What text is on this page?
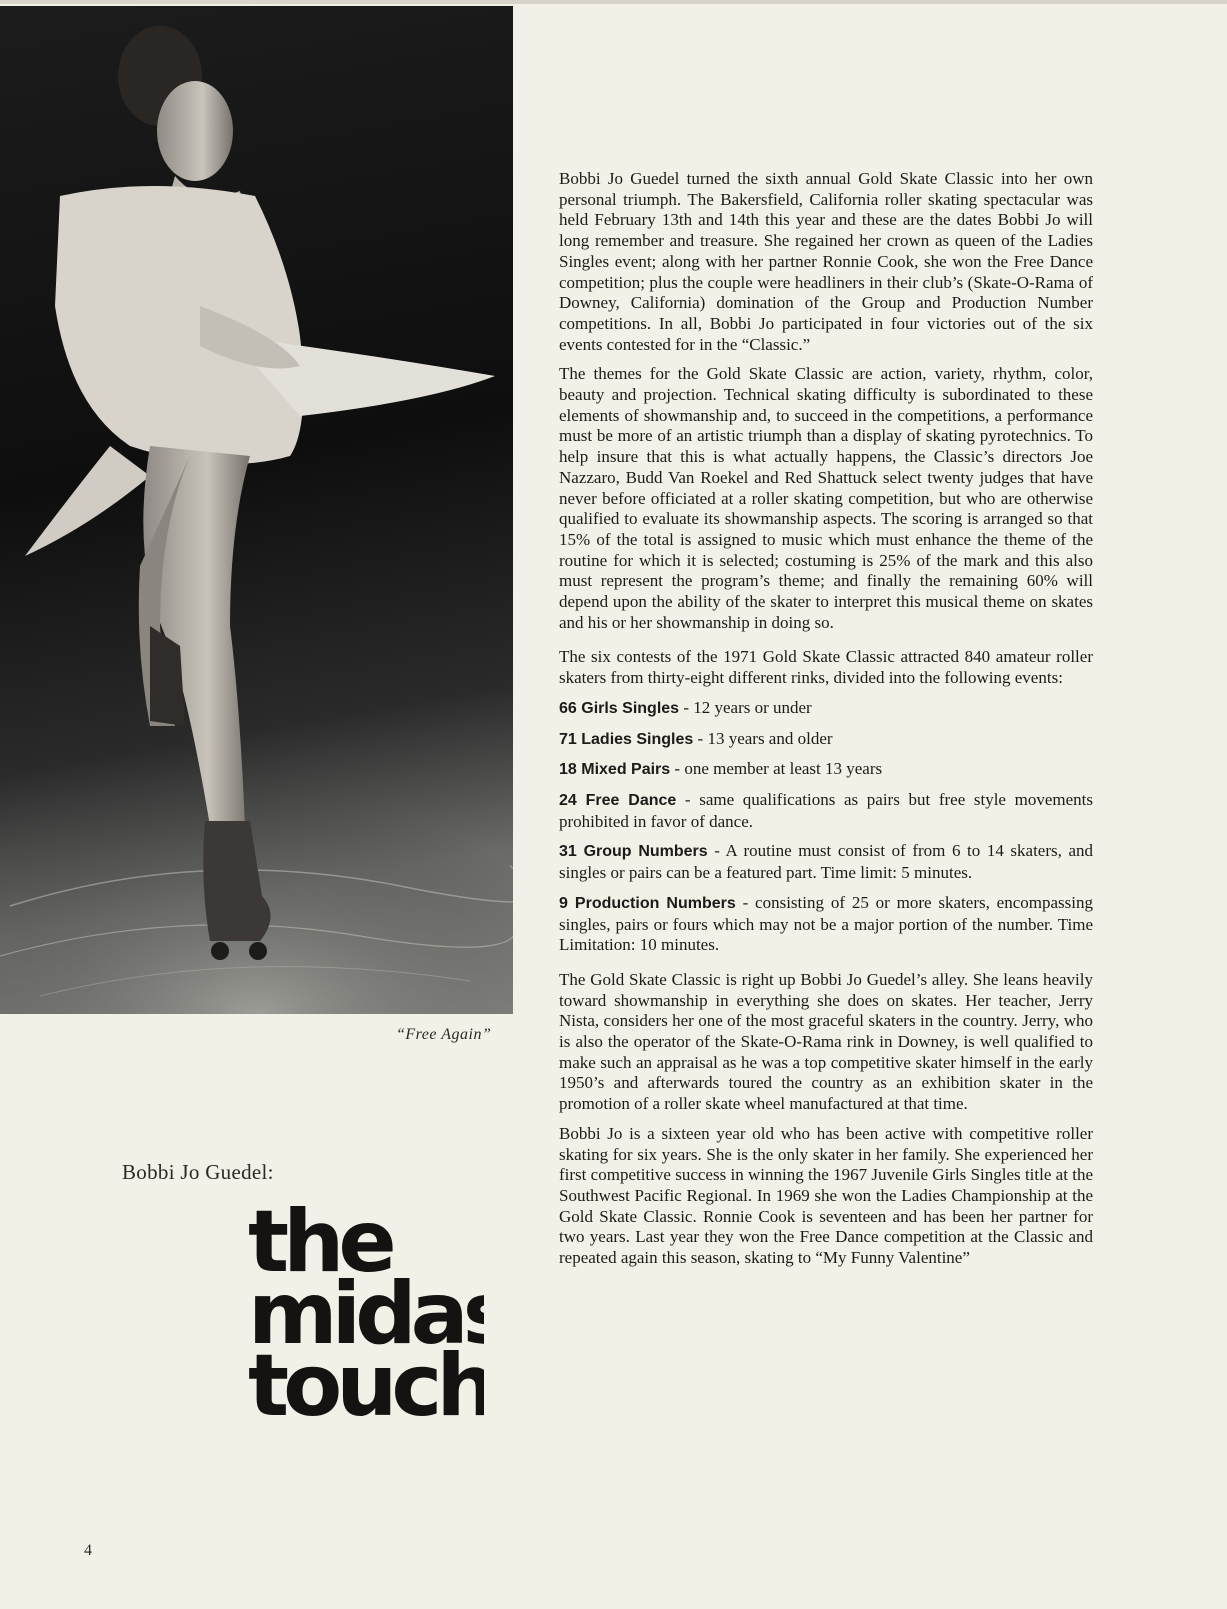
“Free Again”
Bobbi Jo Guedel:
the
midas
touch

Bobbi Jo Guedel turned the sixth annual Gold Skate Classic into her own personal triumph. The Bakersfield, California roller skating spectacular was held February 13th and 14th this year and these are the dates Bobbi Jo will long remember and treasure. She regained her crown as queen of the Ladies Singles event; along with her partner Ronnie Cook, she won the Free Dance competition; plus the couple were headliners in their club’s (Skate-O-Rama of Downey, California) domination of the Group and Production Number competitions. In all, Bobbi Jo participated in four victories out of the six events contested for in the “Classic.”

The themes for the Gold Skate Classic are action, variety, rhythm, color, beauty and projection. Technical skating difficulty is subordinated to these elements of showmanship and, to succeed in the competitions, a performance must be more of an artistic triumph than a display of skating pyrotechnics. To help insure that this is what actually happens, the Classic’s directors Joe Nazzaro, Budd Van Roekel and Red Shattuck select twenty judges that have never before officiated at a roller skating competition, but who are otherwise qualified to evaluate its showmanship aspects. The scoring is arranged so that 15% of the total is assigned to music which must enhance the theme of the routine for which it is selected; costuming is 25% of the mark and this also must represent the program’s theme; and finally the remaining 60% will depend upon the ability of the skater to interpret this musical theme on skates and his or her showmanship in doing so.

The six contests of the 1971 Gold Skate Classic attracted 840 amateur roller skaters from thirty-eight different rinks, divided into the following events:

66 Girls Singles - 12 years or under
71 Ladies Singles - 13 years and older
18 Mixed Pairs - one member at least 13 years
24 Free Dance - same qualifications as pairs but free style movements prohibited in favor of dance.
31 Group Numbers - A routine must consist of from 6 to 14 skaters, and singles or pairs can be a featured part. Time limit: 5 minutes.
9 Production Numbers - consisting of 25 or more skaters, encompassing singles, pairs or fours which may not be a major portion of the number. Time Limitation: 10 minutes.

The Gold Skate Classic is right up Bobbi Jo Guedel’s alley. She leans heavily toward showmanship in everything she does on skates. Her teacher, Jerry Nista, considers her one of the most graceful skaters in the country. Jerry, who is also the operator of the Skate-O-Rama rink in Downey, is well qualified to make such an appraisal as he was a top competitive skater himself in the early 1950’s and afterwards toured the country as an exhibition skater in the promotion of a roller skate wheel manufactured at that time.

Bobbi Jo is a sixteen year old who has been active with competitive roller skating for six years. She is the only skater in her family. She experienced her first competitive success in winning the 1967 Juvenile Girls Singles title at the Southwest Pacific Regional. In 1969 she won the Ladies Championship at the Gold Skate Classic. Ronnie Cook is seventeen and has been her partner for two years. Last year they won the Free Dance competition at the Classic and repeated again this season, skating to “My Funny Valentine”

4
